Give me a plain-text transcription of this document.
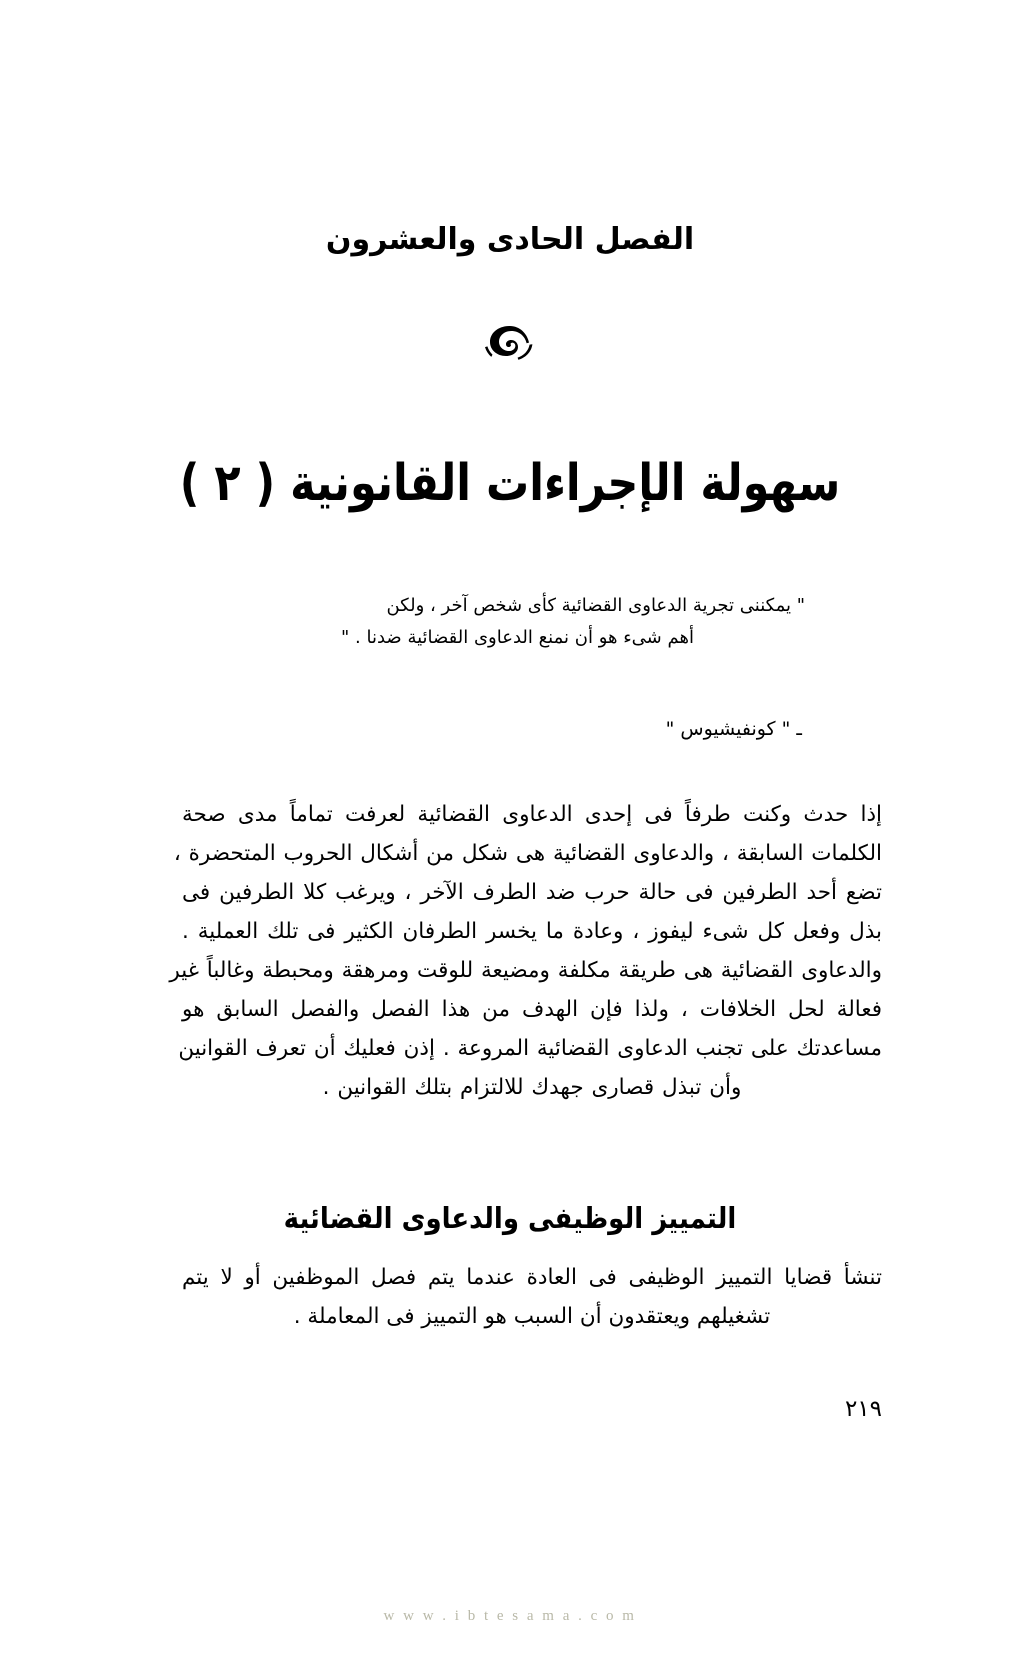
الفصل الحادى والعشرون
سهولة الإجراءات القانونية ( ٢ )
" يمكننى تجرية الدعاوى القضائية كأى شخص آخر ، ولكن
أهم شىء هو أن نمنع الدعاوى القضائية ضدنا . "
ـ " كونفيشيوس "
إذا حدث وكنت طرفاً فى إحدى الدعاوى القضائية لعرفت تماماً مدى صحة
الكلمات السابقة ، والدعاوى القضائية هى شكل من أشكال الحروب المتحضرة ،
تضع أحد الطرفين فى حالة حرب ضد الطرف الآخر ، ويرغب كلا الطرفين فى
بذل وفعل كل شىء ليفوز ، وعادة ما يخسر الطرفان الكثير فى تلك العملية .
والدعاوى القضائية هى طريقة مكلفة ومضيعة للوقت ومرهقة ومحبطة وغالباً غير
فعالة لحل الخلافات ، ولذا فإن الهدف من هذا الفصل والفصل السابق هو
مساعدتك على تجنب الدعاوى القضائية المروعة . إذن فعليك أن تعرف القوانين
وأن تبذل قصارى جهدك للالتزام بتلك القوانين .
التمييز الوظيفى والدعاوى القضائية
تنشأ قضايا التمييز الوظيفى فى العادة عندما يتم فصل الموظفين أو لا يتم
تشغيلهم ويعتقدون أن السبب هو التمييز فى المعاملة .
٢١٩
w w w . i b t e s a m a . c o m
